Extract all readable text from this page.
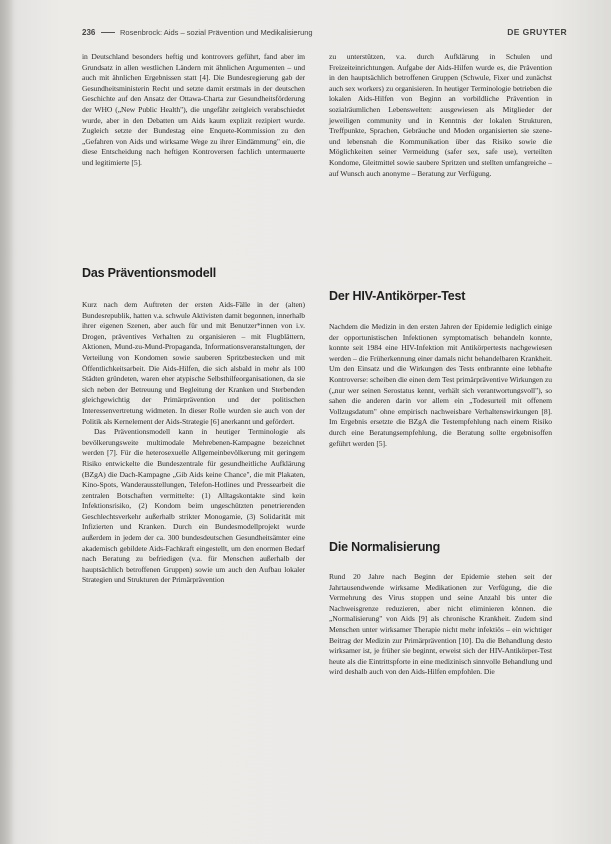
236	Rosenbrock: Aids – sozial Prävention und Medikalisierung	DE GRUYTER

in Deutschland besonders heftig und kontrovers geführt, fand aber im Grundsatz in allen westlichen Ländern mit ähnlichen Argumenten – und auch mit ähnlichen Ergebnissen statt [4]. Die Bundesregierung gab der Gesundheitsministerin Recht und setzte damit erstmals in der deutschen Geschichte auf den Ansatz der Ottawa-Charta zur Gesundheitsförderung der WHO („New Public Health"), die ungefähr zeitgleich verabschiedet wurde, aber in den Debatten um Aids kaum explizit rezipiert wurde. Zugleich setzte der Bundestag eine Enquete-Kommission zu den „Gefahren von Aids und wirksame Wege zu ihrer Eindämmung" ein, die diese Entscheidung nach heftigen Kontroversen fachlich untermauerte und legitimierte [5].

Das Präventionsmodell

Kurz nach dem Auftreten der ersten Aids-Fälle in der (alten) Bundesrepublik, hatten v.a. schwule Aktivisten damit begonnen, innerhalb ihrer eigenen Szenen, aber auch für und mit Benutzer*innen von i.v. Drogen, präventives Verhalten zu organisieren – mit Flugblättern, Aktionen, Mund-zu-Mund-Propaganda, Informationsveranstaltungen, der Verteilung von Kondomen sowie sauberen Spritzbestecken und mit Öffentlichkeitsarbeit. Die Aids-Hilfen, die sich alsbald in mehr als 100 Städten gründeten, waren eher atypische Selbsthilfeorganisationen, da sie sich neben der Betreuung und Begleitung der Kranken und Sterbenden gleichgewichtig der Primärprävention und der politischen Interessenvertretung widmeten. In dieser Rolle wurden sie auch von der Politik als Kernelement der Aids-Strategie [6] anerkannt und gefördert.

Das Präventionsmodell kann in heutiger Terminologie als bevölkerungsweite multimodale Mehrebenen-Kampagne bezeichnet werden [7]. Für die heterosexuelle Allgemeinbevölkerung mit geringem Risiko entwickelte die Bundeszentrale für gesundheitliche Aufklärung (BZgA) die Dach-Kampagne „Gib Aids keine Chance", die mit Plakaten, Kino-Spots, Wanderausstellungen, Telefon-Hotlines und Pressearbeit die zentralen Botschaften vermittelte: (1) Alltagskontakte sind kein Infektionsrisiko, (2) Kondom beim ungeschützten penetrierenden Geschlechtsverkehr außerhalb strikter Monogamie, (3) Solidarität mit Infizierten und Kranken. Durch ein Bundesmodellprojekt wurde außerdem in jedem der ca. 300 bundesdeutschen Gesundheitsämter eine akademisch gebildete Aids-Fachkraft eingestellt, um den enormen Bedarf nach Beratung zu befriedigen (v.a. für Menschen außerhalb der hauptsächlich betroffenen Gruppen) sowie um auch den Aufbau lokaler Strategien und Strukturen der Primärprävention

zu unterstützen, v.a. durch Aufklärung in Schulen und Freizeiteinrichtungen. Aufgabe der Aids-Hilfen wurde es, die Prävention in den hauptsächlich betroffenen Gruppen (Schwule, Fixer und zunächst auch sex workers) zu organisieren. In heutiger Terminologie betrieben die lokalen Aids-Hilfen von Beginn an vorbildliche Prävention in sozialräumlichen Lebenswelten: ausgewiesen als Mitglieder der jeweiligen community und in Kenntnis der lokalen Strukturen, Treffpunkte, Sprachen, Gebräuche und Moden organisierten sie szene- und lebensnah die Kommunikation über das Risiko sowie die Möglichkeiten seiner Vermeidung (safer sex, safe use), verteilten Kondome, Gleitmittel sowie saubere Spritzen und stellten umfangreiche – auf Wunsch auch anonyme – Beratung zur Verfügung.

Der HIV-Antikörper-Test

Nachdem die Medizin in den ersten Jahren der Epidemie lediglich einige der opportunistischen Infektionen symptomatisch behandeln konnte, konnte seit 1984 eine HIV-Infektion mit Antikörpertests nachgewiesen werden – die Früherkennung einer damals nicht behandelbaren Krankheit. Um den Einsatz und die Wirkungen des Tests entbrannte eine lebhafte Kontroverse: scheiben die einen dem Test primärpräventive Wirkungen zu („nur wer seinen Serostatus kennt, verhält sich verantwortungsvoll"), so sahen die anderen darin vor allem ein „Todesurteil mit offenem Vollzugsdatum" ohne empirisch nachweisbare Verhaltenswirkungen [8]. Im Ergebnis ersetzte die BZgA die Testempfehlung nach einem Risiko durch eine Beratungsempfehlung, die Beratung sollte ergebnisoffen geführt werden [5].

Die Normalisierung

Rund 20 Jahre nach Beginn der Epidemie stehen seit der Jahrtausendwende wirksame Medikationen zur Verfügung, die die Vermehrung des Virus stoppen und seine Anzahl bis unter die Nachweisgrenze reduzieren, aber nicht eliminieren können. die „Normalisierung" von Aids [9] als chronische Krankheit. Zudem sind Menschen unter wirksamer Therapie nicht mehr infektiös – ein wichtiger Beitrag der Medizin zur Primärprävention [10]. Da die Behandlung desto wirksamer ist, je früher sie beginnt, erweist sich der HIV-Antikörper-Test heute als die Eintrittspforte in eine medizinisch sinnvolle Behandlung und wird deshalb auch von den Aids-Hilfen empfohlen. Die
